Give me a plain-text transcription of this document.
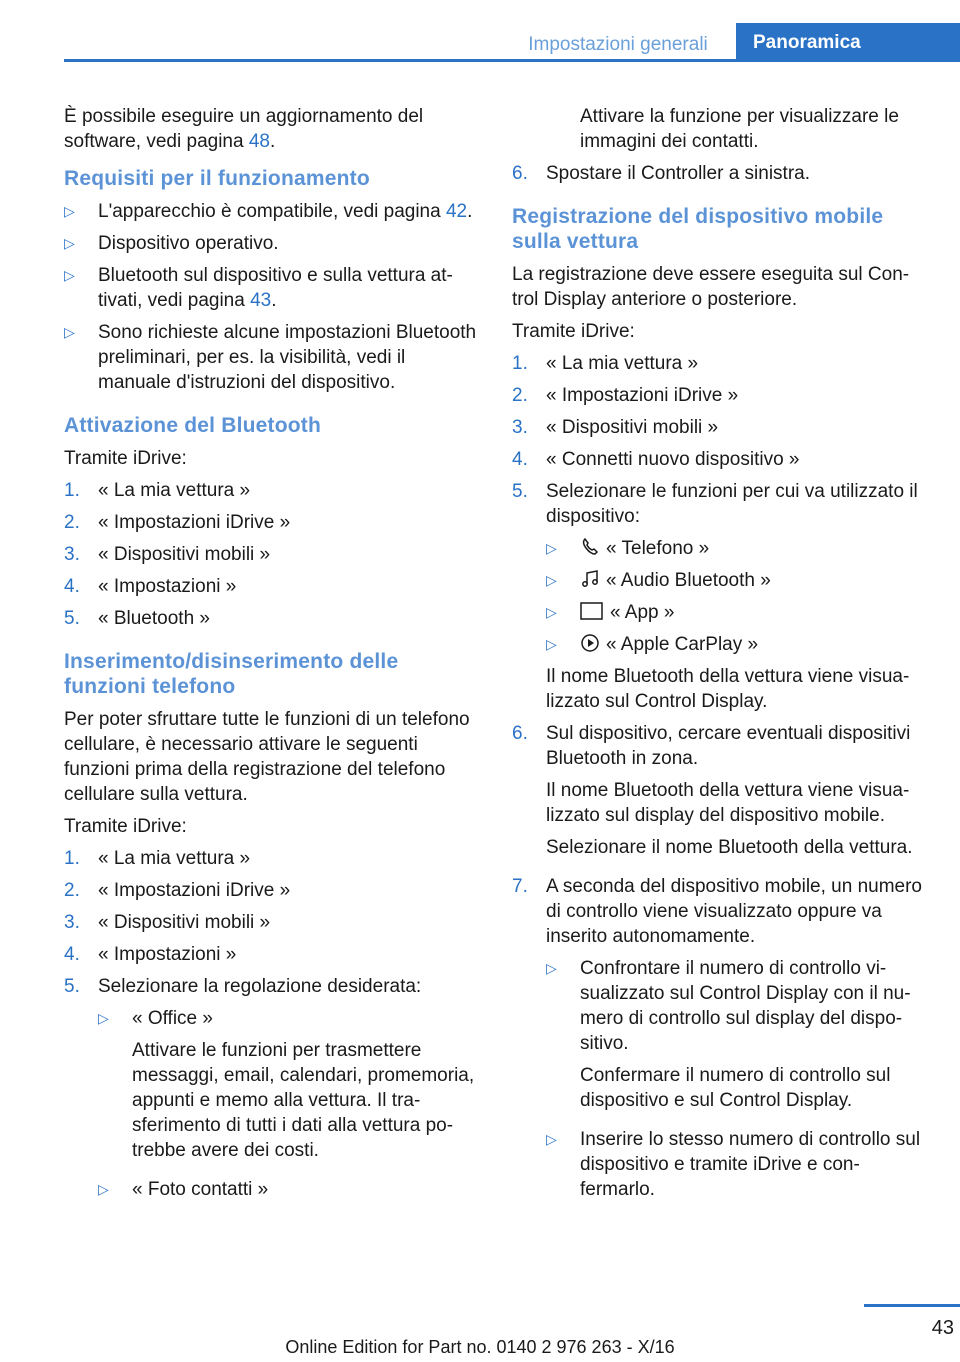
Impostazioni generali	Panoramica

È possibile eseguire un aggiornamento del software, vedi pagina 48.

Requisiti per il funzionamento
▷	L'apparecchio è compatibile, vedi pagina 42.
▷	Dispositivo operativo.
▷	Bluetooth sul dispositivo e sulla vettura attivati, vedi pagina 43.
▷	Sono richieste alcune impostazioni Bluetooth preliminari, per es. la visibilità, vedi il manuale d'istruzioni del dispositivo.
Attivazione del Bluetooth

Tramite iDrive:

1. « La mia vettura »
2. « Impostazioni iDrive »
3. « Dispositivi mobili »
4. « Impostazioni »
5. « Bluetooth »
Inserimento/disinserimento delle funzioni telefono

Per poter sfruttare tutte le funzioni di un telefono cellulare, è necessario attivare le seguenti funzioni prima della registrazione del telefono cellulare sulla vettura.

Tramite iDrive:

1. « La mia vettura »
2. « Impostazioni iDrive »
3. « Dispositivi mobili »
4. « Impostazioni »
5. Selezionare la regolazione desiderata:
▷	« Office »

Attivare le funzioni per trasmettere messaggi, email, calendari, promemoria, appunti e memo alla vettura. Il trasferimento di tutti i dati alla vettura potrebbe avere dei costi.

▷	« Foto contatti »

Attivare la funzione per visualizzare le immagini dei contatti.

6. Spostare il Controller a sinistra.
Registrazione del dispositivo mobile sulla vettura

La registrazione deve essere eseguita sul Control Display anteriore o posteriore.

Tramite iDrive:

1. « La mia vettura »
2. « Impostazioni iDrive »
3. « Dispositivi mobili »
4. « Connetti nuovo dispositivo »
5. Selezionare le funzioni per cui va utilizzato il dispositivo:
▷	« Telefono »
▷	« Audio Bluetooth »
▷	« App »
▷	« Apple CarPlay »

Il nome Bluetooth della vettura viene visualizzato sul Control Display.

6. Sul dispositivo, cercare eventuali dispositivi Bluetooth in zona.

Il nome Bluetooth della vettura viene visualizzato sul display del dispositivo mobile.

Selezionare il nome Bluetooth della vettura.

7. A seconda del dispositivo mobile, un numero di controllo viene visualizzato oppure va inserito autonomamente.
▷	Confrontare il numero di controllo visualizzato sul Control Display con il numero di controllo sul display del dispositivo.

Confermare il numero di controllo sul dispositivo e sul Control Display.

▷	Inserire lo stesso numero di controllo sul dispositivo e tramite iDrive e confermarlo.
43
Online Edition for Part no. 0140 2 976 263 - X/16
